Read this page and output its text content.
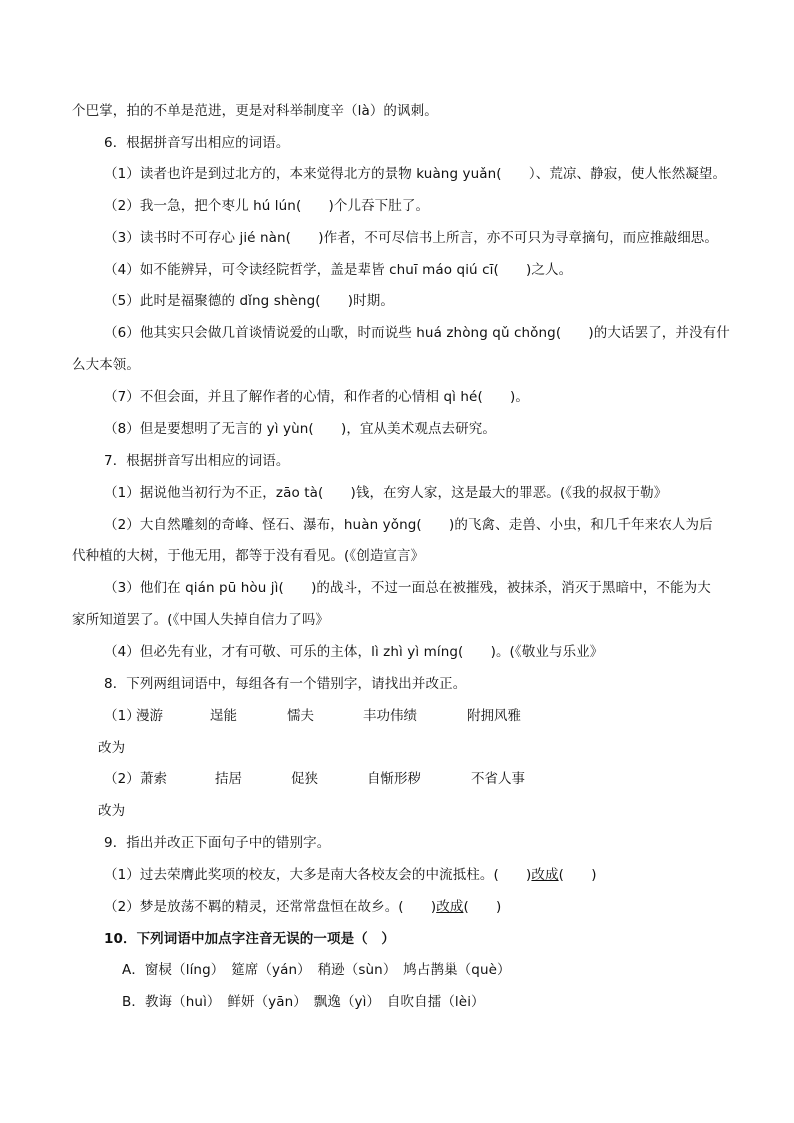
个巴掌，拍的不单是范进，更是对科举制度辛（là）的讽刺。
6．根据拼音写出相应的词语。
（1）读者也许是到过北方的，本来觉得北方的景物 kuàng yuǎn(　　）、荒凉、静寂，使人怅然凝望。
（2）我一急，把个枣儿 hú lún(　　)个儿吞下肚了。
（3）读书时不可存心 jié nàn(　　)作者，不可尽信书上所言，亦不可只为寻章摘句，而应推敲细思。
（4）如不能辨异，可令读经院哲学，盖是辈皆 chuī máo qiú cī(　　)之人。
（5）此时是福聚德的 dǐng shèng(　　)时期。
（6）他其实只会做几首谈情说爱的山歌，时而说些 huá zhòng qǔ chǒng(　　)的大话罢了，并没有什
么大本领。
（7）不但会面，并且了解作者的心情，和作者的心情相 qì hé(　　)。
（8）但是要想明了无言的 yì yùn(　　)，宜从美术观点去研究。
7．根据拼音写出相应的词语。
（1）据说他当初行为不正，zāo tà(　　)钱，在穷人家，这是最大的罪恶。(《我的叔叔于勒》
（2）大自然雕刻的奇峰、怪石、瀑布，huàn yǒng(　　)的飞禽、走兽、小虫，和几千年来农人为后
代种植的大树，于他无用，都等于没有看见。(《创造宣言》
（3）他们在 qián pū hòu jì(　　)的战斗，不过一面总在被摧残，被抹杀，消灭于黑暗中，不能为大
家所知道罢了。(《中国人失掉自信力了吗》
（4）但必先有业，才有可敬、可乐的主体，lì zhì yì míng(　　)。(《敬业与乐业》
8．下列两组词语中，每组各有一个错别字，请找出并改正。
（1）
漫游	逞能	懦夫	丰功伟绩	附拥风雅
改为
（2） 萧索	拮居	促狭	自惭形秽	不省人事
改为
9．指出并改正下面句子中的错别字。
（1）过去荣膺此奖项的校友，大多是南大各校友会的中流抵柱。(　　)改成(　　)
（2）梦是放荡不羁的精灵，还常常盘恒在故乡。(　　)改成(　　)
10．下列词语中加点字注音无误的一项是（　）
A．窗棂（líng）　筵席（yán）　稍逊（sùn）　鸠占鹊巢（què）
B．教诲（huì）　鲜妍（yān）　飘逸（yì）　自吹自擂（lèi）
